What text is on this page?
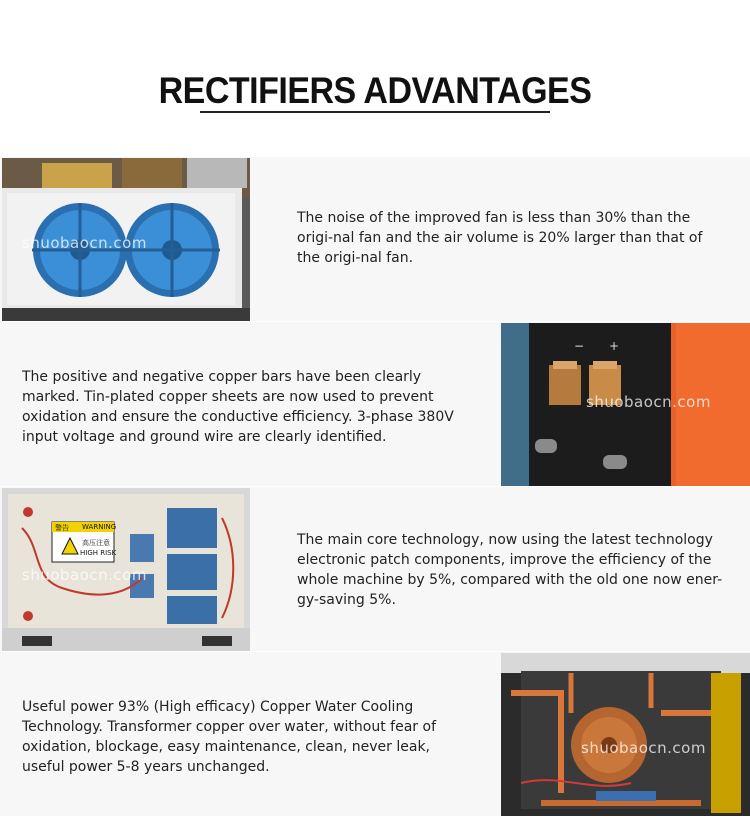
RECTIFIERS ADVANTAGES
shuobaocn.com

The noise of the improved fan is less than 30% than the origi-nal fan and the air volume is 20% larger than that of the origi-nal fan.

The positive and negative copper bars have been clearly marked. Tin-plated copper sheets are now used to prevent oxidation and ensure the conductive efficiency. 3-phase 380V input voltage and ground wire are clearly identified.

− +
shuobaocn.com
警告 WARNING
高压注意
HIGH RISK
shuobaocn.com

The main core technology, now using the latest technology electronic patch components, improve the efficiency of the whole machine by 5%, compared with the old one now ener-gy-saving 5%.

Useful power 93% (High efficacy) Copper Water Cooling Technology. Transformer copper over water, without fear of oxidation, blockage, easy maintenance, clean, never leak, useful power 5-8 years unchanged.

shuobaocn.com
